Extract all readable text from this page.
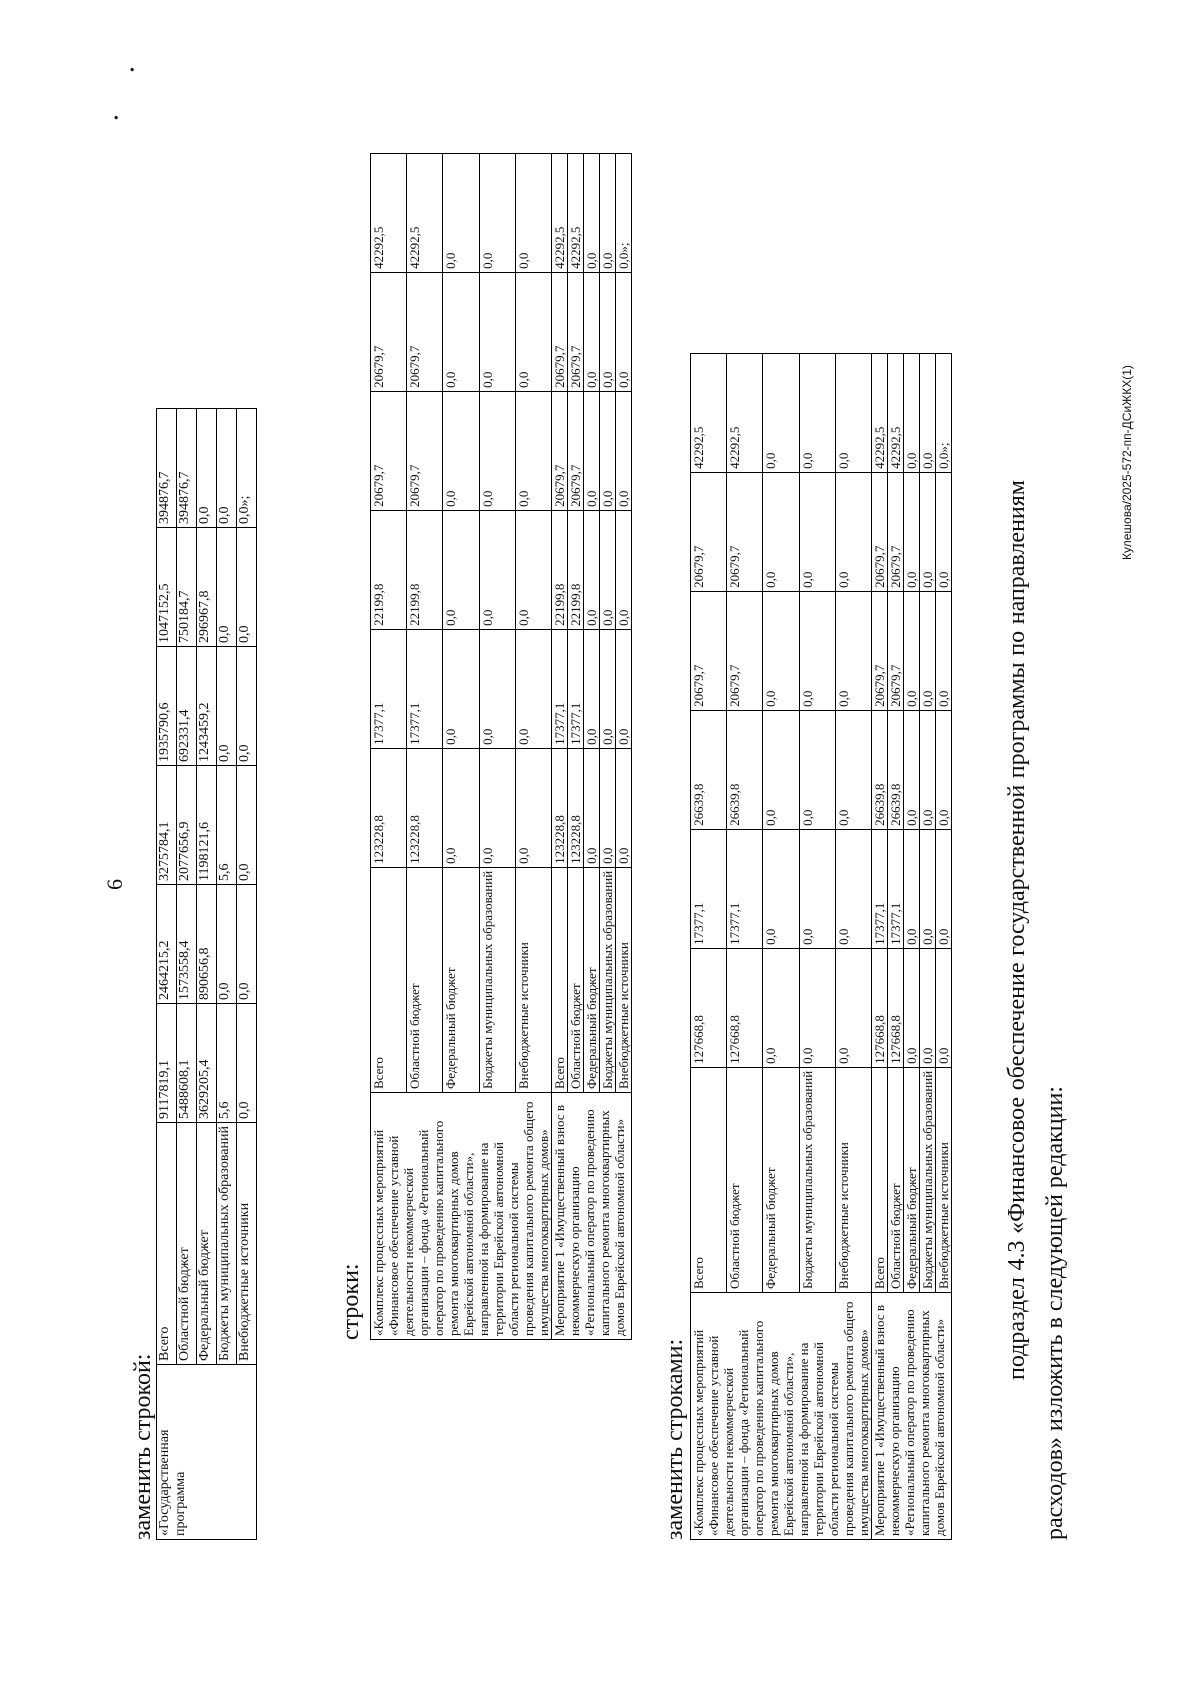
6
•
•
заменить строкой: «Государственная программа	Всего	9117819,1	2464215,2	3275784,1	1935790,6	1047152,5	394876,7
	Областной бюджет	5488608,1	1573558,4	2077656,9	692331,4	750184,7	394876,7
	Федеральный бюджет	3629205,4	890656,8	1198121,6	1243459,2	296967,8	0,0
	Бюджеты муниципальных образований	5,6	0,0	5,6	0,0	0,0	0,0
	Внебюджетные источники	0,0	0,0	0,0	0,0	0,0	0,0»;
строки: «Комплекс процессных мероприятий «Финансовое обеспечение уставной деятельности некоммерческой организации – фонда «Региональный оператор по проведению капитального ремонта многоквартирных домов Еврейской автономной области», направленной на формирование на территории Еврейской автономной области региональной системы проведения капитального ремонта общего имущества многоквартирных домов»	Всего	123228,8	17377,1	22199,8	20679,7	20679,7	42292,5
	Областной бюджет	123228,8	17377,1	22199,8	20679,7	20679,7	42292,5
	Федеральный бюджет	0,0	0,0	0,0	0,0	0,0	0,0
	Бюджеты муниципальных образований	0,0	0,0	0,0	0,0	0,0	0,0
	Внебюджетные источники	0,0	0,0	0,0	0,0	0,0	0,0
Мероприятие 1 «Имущественный взнос в некоммерческую организацию «Региональный оператор по проведению капитального ремонта многоквартирных домов Еврейской автономной области»	Всего	123228,8	17377,1	22199,8	20679,7	20679,7	42292,5
	Областной бюджет	123228,8	17377,1	22199,8	20679,7	20679,7	42292,5
	Федеральный бюджет	0,0	0,0	0,0	0,0	0,0	0,0
	Бюджеты муниципальных образований	0,0	0,0	0,0	0,0	0,0	0,0
	Внебюджетные источники	0,0	0,0	0,0	0,0	0,0	0,0»;
заменить строками: «Комплекс процессных мероприятий «Финансовое обеспечение уставной деятельности некоммерческой организации – фонда «Региональный оператор по проведению капитального ремонта многоквартирных домов Еврейской автономной области», направленной на формирование на территории Еврейской автономной области региональной системы проведения капитального ремонта общего имущества многоквартирных домов»	Всего	127668,8	17377,1	26639,8	20679,7	20679,7	42292,5
	Областной бюджет	127668,8	17377,1	26639,8	20679,7	20679,7	42292,5
	Федеральный бюджет	0,0	0,0	0,0	0,0	0,0	0,0
	Бюджеты муниципальных образований	0,0	0,0	0,0	0,0	0,0	0,0
	Внебюджетные источники	0,0	0,0	0,0	0,0	0,0	0,0
Мероприятие 1 «Имущественный взнос в некоммерческую организацию «Региональный оператор по проведению капитального ремонта многоквартирных домов Еврейской автономной области»	Всего	127668,8	17377,1	26639,8	20679,7	20679,7	42292,5
	Областной бюджет	127668,8	17377,1	26639,8	20679,7	20679,7	42292,5
	Федеральный бюджет	0,0	0,0	0,0	0,0	0,0	0,0
	Бюджеты муниципальных образований	0,0	0,0	0,0	0,0	0,0	0,0
	Внебюджетные источники	0,0	0,0	0,0	0,0	0,0	0,0»;
подраздел 4.3 «Финансовое обеспечение государственной программы по направлениям расходов» изложить в следующей редакции:
Кулешова/2025-572-пп-ДСиЖКХ(1)
